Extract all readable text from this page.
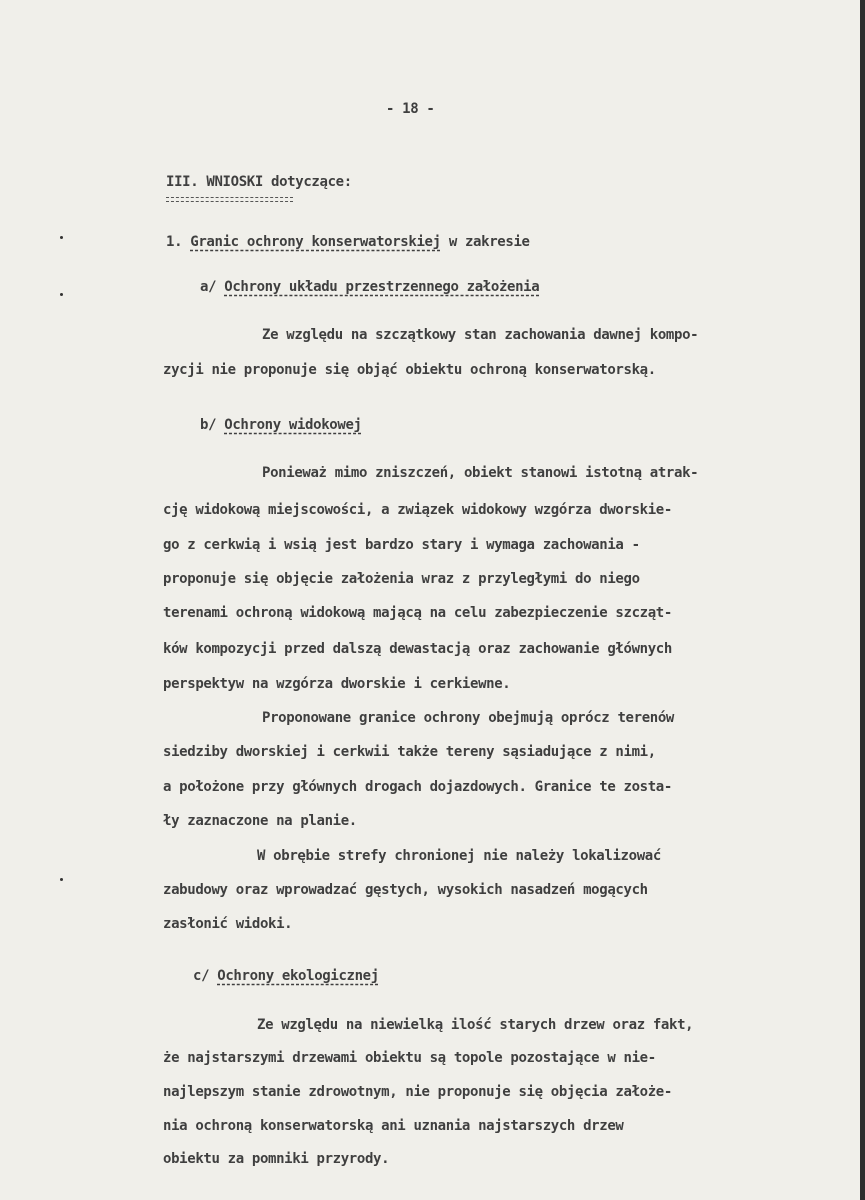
- 18 -

III. WNIOSKI dotyczące:

1. Granic ochrony konserwatorskiej w zakresie

a/ Ochrony układu przestrzennego założenia

Ze względu na szczątkowy stan zachowania dawnej kompo-

zycji nie proponuje się objąć obiektu ochroną konserwatorską.

b/ Ochrony widokowej

Ponieważ mimo zniszczeń, obiekt stanowi istotną atrak-

cję widokową miejscowości, a związek widokowy wzgórza dworskie-

go z cerkwią i wsią jest bardzo stary i wymaga zachowania -

proponuje się objęcie założenia wraz z przyległymi do niego

terenami ochroną widokową mającą na celu zabezpieczenie szcząt-

ków kompozycji przed dalszą dewastacją oraz zachowanie głównych

perspektyw na wzgórza dworskie i cerkiewne.

Proponowane granice ochrony obejmują oprócz terenów

siedziby dworskiej i cerkwii także tereny sąsiadujące z nimi,

a położone przy głównych drogach dojazdowych. Granice te zosta-

ły zaznaczone na planie.

W obrębie strefy chronionej nie należy lokalizować

zabudowy oraz wprowadzać gęstych, wysokich nasadzeń mogących

zasłonić widoki.

c/ Ochrony ekologicznej

Ze względu na niewielką ilość starych drzew oraz fakt,

że najstarszymi drzewami obiektu są topole pozostające w nie-

najlepszym stanie zdrowotnym, nie proponuje się objęcia założe-

nia ochroną konserwatorską ani uznania najstarszych drzew

obiektu za pomniki przyrody.
